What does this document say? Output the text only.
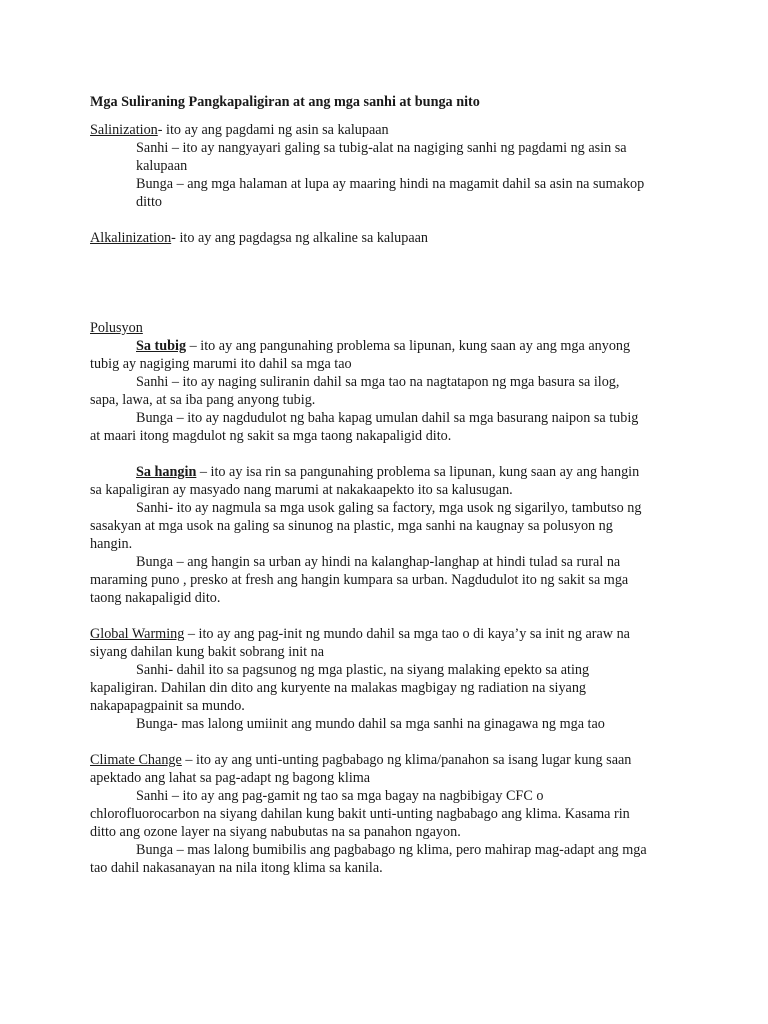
Mga Suliraning Pangkapaligiran at ang mga sanhi at bunga nito

Salinization- ito ay ang pagdami ng asin sa kalupaan

Sanhi – ito ay nangyayari galing sa tubig-alat na nagiging sanhi ng pagdami ng asin sa

kalupaan

Bunga – ang mga halaman at lupa ay maaring hindi na magamit dahil sa asin na sumakop

ditto

Alkalinization- ito ay ang pagdagsa ng alkaline sa kalupaan

Polusyon

Sa tubig – ito ay ang pangunahing problema sa lipunan, kung saan ay ang mga anyong

tubig ay nagiging marumi ito dahil sa mga tao

Sanhi – ito ay naging suliranin dahil sa mga tao na nagtatapon ng mga basura sa ilog,

sapa, lawa, at sa iba pang anyong tubig.

Bunga – ito ay nagdudulot ng baha kapag umulan dahil sa mga basurang naipon sa tubig

at maari itong magdulot ng sakit sa mga taong nakapaligid dito.

Sa hangin – ito ay isa rin sa pangunahing problema sa lipunan, kung saan ay ang hangin

sa kapaligiran ay masyado nang marumi at nakakaapekto ito sa kalusugan.

Sanhi- ito ay nagmula sa mga usok galing sa factory, mga usok ng sigarilyo, tambutso ng

sasakyan at mga usok na galing sa sinunog na plastic, mga sanhi na kaugnay sa polusyon ng

hangin.

Bunga – ang hangin sa urban ay hindi na kalanghap-langhap at hindi tulad sa rural na

maraming puno , presko at fresh ang hangin kumpara sa urban. Nagdudulot ito ng sakit sa mga

taong nakapaligid dito.

Global Warming – ito ay ang pag-init ng mundo dahil sa mga tao o di kaya’y sa init ng araw na

siyang dahilan kung bakit sobrang init na

Sanhi- dahil ito sa pagsunog ng mga plastic, na siyang malaking epekto sa ating

kapaligiran. Dahilan din dito ang kuryente na malakas magbigay ng radiation na siyang

nakapapagpainit sa mundo.

Bunga- mas lalong umiinit ang mundo dahil sa mga sanhi na ginagawa ng mga tao

Climate Change – ito ay ang unti-unting pagbabago ng klima/panahon sa isang lugar kung saan

apektado ang lahat sa pag-adapt ng bagong klima

Sanhi – ito ay ang pag-gamit ng tao sa mga bagay na nagbibigay CFC o

chlorofluorocarbon na siyang dahilan kung bakit unti-unting nagbabago ang klima. Kasama rin

ditto ang ozone layer na siyang nabubutas na sa panahon ngayon.

Bunga – mas lalong bumibilis ang pagbabago ng klima, pero mahirap mag-adapt ang mga

tao dahil nakasanayan na nila itong klima sa kanila.
